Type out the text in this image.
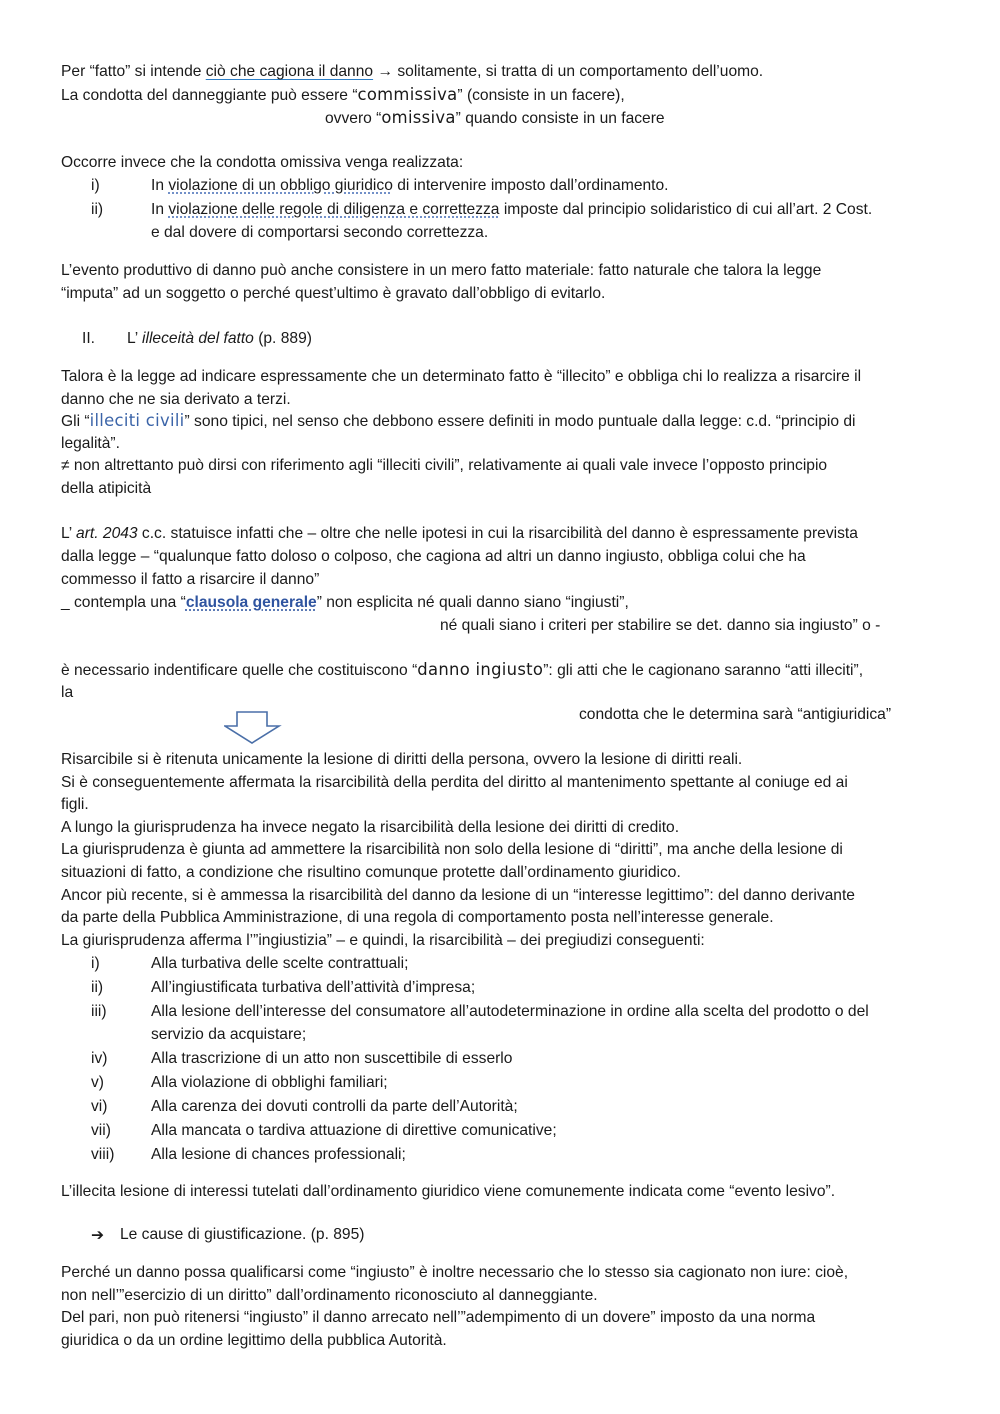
Per “fatto” si intende ciò che cagiona il danno → solitamente, si tratta di un comportamento dell’uomo.
La condotta del danneggiante può essere “commissiva” (consiste in un facere),
ovvero “omissiva” quando consiste in un facere
Occorre invece che la condotta omissiva venga realizzata:
i)	In violazione di un obbligo giuridico di intervenire imposto dall’ordinamento.
ii)	In violazione delle regole di diligenza e correttezza imposte dal principio solidaristico di cui all’art. 2 Cost.
e dal dovere di comportarsi secondo correttezza.
L’evento produttivo di danno può anche consistere in un mero fatto materiale: fatto naturale che talora la legge
“imputa” ad un soggetto o perché quest’ultimo è gravato dall’obbligo di evitarlo.
II. L’ illeceità del fatto (p. 889)
Talora è la legge ad indicare espressamente che un determinato fatto è “illecito” e obbliga chi lo realizza a risarcire il
danno che ne sia derivato a terzi.
Gli “illeciti civili” sono tipici, nel senso che debbono essere definiti in modo puntuale dalla legge: c.d. “principio di
legalità”.
≠ non altrettanto può dirsi con riferimento agli “illeciti civili”, relativamente ai quali vale invece l’opposto principio
della atipicità
L’ art. 2043 c.c. statuisce infatti che – oltre che nelle ipotesi in cui la risarcibilità del danno è espressamente prevista
dalla legge – “qualunque fatto doloso o colposo, che cagiona ad altri un danno ingiusto, obbliga colui che ha
commesso il fatto a risarcire il danno”
_ contempla una “clausola generale” non esplicita né quali danno siano “ingiusti”,
né quali siano i criteri per stabilire se det. danno sia ingiusto” o -
è necessario indentificare quelle che costituiscono “danno ingiusto”: gli atti che le cagionano saranno “atti illeciti”,
la
condotta che le determina sarà “antigiuridica”
Risarcibile si è ritenuta unicamente la lesione di diritti della persona, ovvero la lesione di diritti reali.
Si è conseguentemente affermata la risarcibilità della perdita del diritto al mantenimento spettante al coniuge ed ai
figli.
A lungo la giurisprudenza ha invece negato la risarcibilità della lesione dei diritti di credito.
La giurisprudenza è giunta ad ammettere la risarcibilità non solo della lesione di “diritti”, ma anche della lesione di
situazioni di fatto, a condizione che risultino comunque protette dall’ordinamento giuridico.
Ancor più recente, si è ammessa la risarcibilità del danno da lesione di un “interesse legittimo”: del danno derivante
da parte della Pubblica Amministrazione, di una regola di comportamento posta nell’interesse generale.
La giurisprudenza afferma l’”ingiustizia” – e quindi, la risarcibilità – dei pregiudizi conseguenti:
i)	Alla turbativa delle scelte contrattuali;
ii)	All’ingiustificata turbativa dell’attività d’impresa;
iii)	Alla lesione dell’interesse del consumatore all’autodeterminazione in ordine alla scelta del prodotto o del
servizio da acquistare;
iv)	Alla trascrizione di un atto non suscettibile di esserlo
v)	Alla violazione di obblighi familiari;
vi)	Alla carenza dei dovuti controlli da parte dell’Autorità;
vii)	Alla mancata o tardiva attuazione di direttive comunicative;
viii) Alla lesione di chances professionali;
L’illecita lesione di interessi tutelati dall’ordinamento giuridico viene comunemente indicata come “evento lesivo”.
➔ Le cause di giustificazione. (p. 895)
Perché un danno possa qualificarsi come “ingiusto” è inoltre necessario che lo stesso sia cagionato non iure: cioè,
non nell’”esercizio di un diritto” dall’ordinamento riconosciuto al danneggiante.
Del pari, non può ritenersi “ingiusto” il danno arrecato nell’”adempimento di un dovere” imposto da una norma
giuridica o da un ordine legittimo della pubblica Autorità.
